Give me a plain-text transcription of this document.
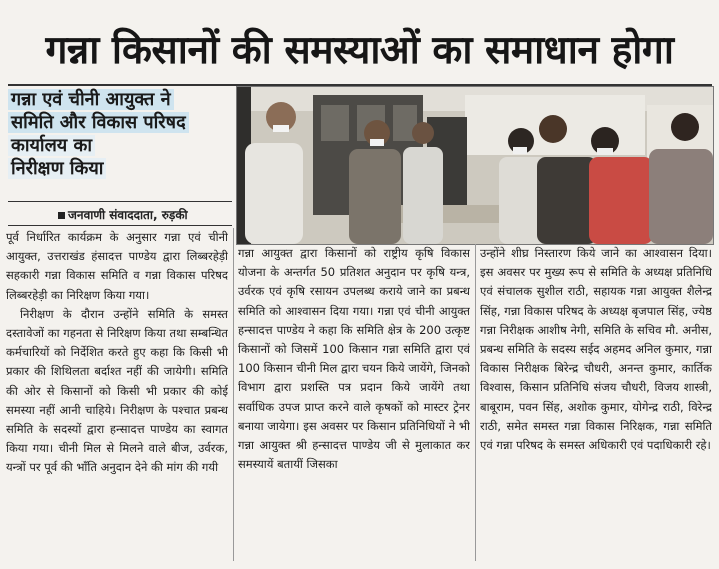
गन्ना किसानों की समस्याओं का समाधान होगा
गन्ना एवं चीनी आयुक्त ने
समिति और विकास परिषद
कार्यालय का
निरीक्षण किया
जनवाणी संवाददाता, रुड़की

पूर्व निर्धारित कार्यक्रम के अनुसार गन्ना एवं चीनी आयुक्त, उत्तराखंड हंसादत्त पाण्डेय द्वारा लिब्बरहेड़ी सहकारी गन्ना विकास समिति व गन्ना विकास परिषद लिब्बरहेड़ी का निरिक्षण किया गया।

निरीक्षण के दौरान उन्होंने समिति के समस्त दस्तावेजों का गहनता से निरिक्षण किया तथा सम्बन्धित कर्मचारियों को निर्देशित करते हुए कहा कि किसी भी प्रकार की शिथिलता बर्दाश्त नहीं की जायेगी। समिति की ओर से किसानों को किसी भी प्रकार की कोई समस्या नहीं आनी चाहिये। निरीक्षण के पश्चात प्रबन्ध समिति के सदस्यों द्वारा हन्सादत्त पाण्डेय का स्वागत किया गया। चीनी मिल से मिलने वाले बीज, उर्वरक, यन्त्रों पर पूर्व की भाँति अनुदान देने की मांग की गयी

गन्ना आयुक्त द्वारा किसानों को राष्ट्रीय कृषि विकास योजना के अन्तर्गत 50 प्रतिशत अनुदान पर कृषि यन्त्र, उर्वरक एवं कृषि रसायन उपलब्ध कराये जाने का प्रबन्ध समिति को आश्वासन दिया गया। गन्ना एवं चीनी आयुक्त हन्सादत्त पाण्डेय ने कहा कि समिति क्षेत्र के 200 उत्कृष्ट किसानों को जिसमें 100 किसान गन्ना समिति द्वारा एवं 100 किसान चीनी मिल द्वारा चयन किये जायेंगे, जिनको विभाग द्वारा प्रशस्ति पत्र प्रदान किये जायेंगे तथा सर्वाधिक उपज प्राप्त करने वाले कृषकों को मास्टर ट्रेनर बनाया जायेगा। इस अवसर पर किसान प्रतिनिधियों ने भी गन्ना आयुक्त श्री हन्सादत्त पाण्डेय जी से मुलाकात कर समस्यायें बतायीं जिसका

उन्होंने शीघ्र निस्तारण किये जाने का आश्वासन दिया। इस अवसर पर मुख्य रूप से समिति के अध्यक्ष प्रतिनिधि एवं संचालक सुशील राठी, सहायक गन्ना आयुक्त शैलेन्द्र सिंह, गन्ना विकास परिषद के अध्यक्ष बृजपाल सिंह, ज्येष्ठ गन्ना निरीक्षक आशीष नेगी, समिति के सचिव मौ. अनीस, प्रबन्ध समिति के सदस्य सईद अहमद अनिल कुमार, गन्ना विकास निरीक्षक बिरेन्द्र चौधरी, अनन्त कुमार, कार्तिक विश्वास, किसान प्रतिनिधि संजय चौधरी, विजय शास्त्री, बाबूराम, पवन सिंह, अशोक कुमार, योगेन्द्र राठी, विरेन्द्र राठी, समेत समस्त गन्ना विकास निरिक्षक, गन्ना समिति एवं गन्ना परिषद के समस्त अधिकारी एवं पदाधिकारी रहे।
